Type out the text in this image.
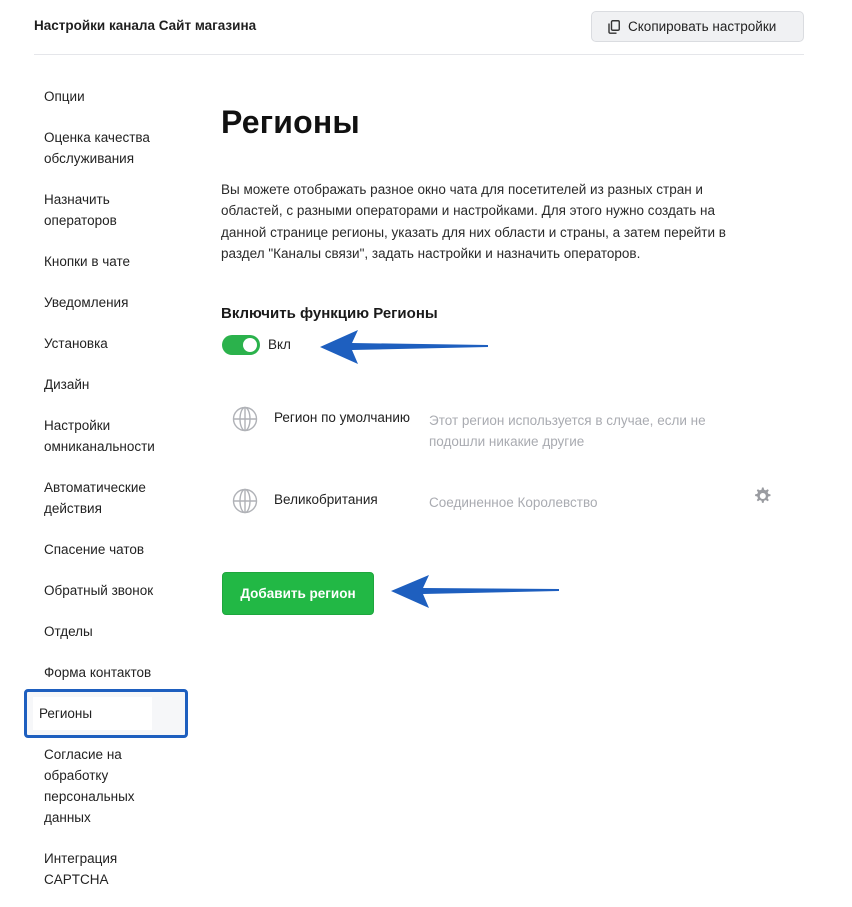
Настройки канала Сайт магазина	Скопировать настройки
Опции
Оценка качества обслуживания
Назначить операторов
Кнопки в чате
Уведомления
Установка
Дизайн
Настройки омниканальности
Автоматические действия
Спасение чатов
Обратный звонок
Отделы
Форма контактов
Регионы
Согласие на обработку персональных данных
Интеграция CAPTCHA
Регионы
Вы можете отображать разное окно чата для посетителей из разных стран и областей, с разными операторами и настройками. Для этого нужно создать на данной странице регионы, указать для них области и страны, а затем перейти в раздел "Каналы связи", задать настройки и назначить операторов.
Включить функцию Регионы
Вкл
Регион по умолчанию Этот регион используется в случае, если не подошли никакие другие
Великобритания	Соединенное Королевство
Добавить регион
